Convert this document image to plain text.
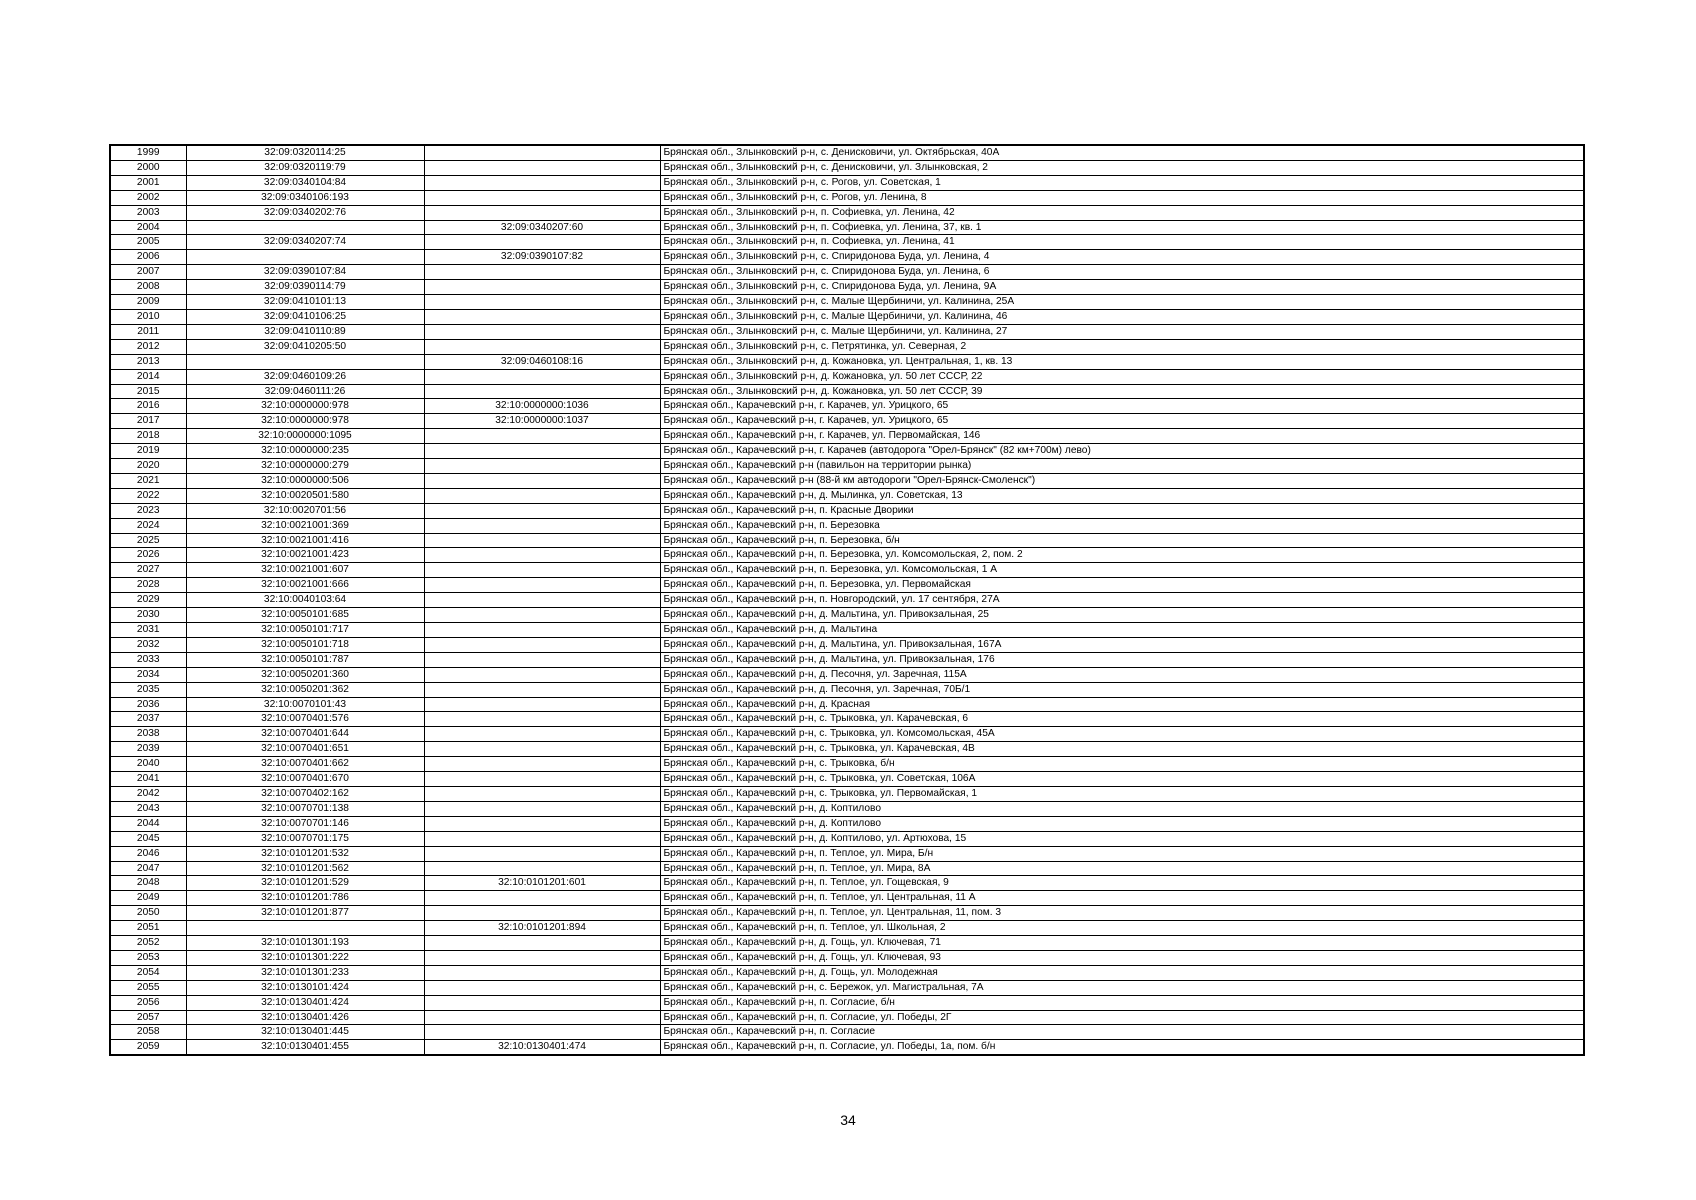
1999	32:09:0320114:25		Брянская обл., Злынковский р-н, с. Денисковичи, ул. Октябрьская, 40А
2000	32:09:0320119:79		Брянская обл., Злынковский р-н, с. Денисковичи, ул. Злынковская, 2
2001	32:09:0340104:84		Брянская обл., Злынковский р-н, с. Рогов, ул. Советская, 1
2002	32:09:0340106:193		Брянская обл., Злынковский р-н, с. Рогов, ул. Ленина, 8
2003	32:09:0340202:76		Брянская обл., Злынковский р-н, п. Софиевка, ул. Ленина, 42
2004		32:09:0340207:60	Брянская обл., Злынковский р-н, п. Софиевка, ул. Ленина, 37, кв. 1
2005	32:09:0340207:74		Брянская обл., Злынковский р-н, п. Софиевка, ул. Ленина, 41
2006		32:09:0390107:82	Брянская обл., Злынковский р-н, с. Спиридонова Буда, ул. Ленина, 4
2007	32:09:0390107:84		Брянская обл., Злынковский р-н, с. Спиридонова Буда, ул. Ленина, 6
2008	32:09:0390114:79		Брянская обл., Злынковский р-н, с. Спиридонова Буда, ул. Ленина, 9А
2009	32:09:0410101:13		Брянская обл., Злынковский р-н, с. Малые Щербиничи, ул. Калинина, 25А
2010	32:09:0410106:25		Брянская обл., Злынковский р-н, с. Малые Щербиничи, ул. Калинина, 46
2011	32:09:0410110:89		Брянская обл., Злынковский р-н, с. Малые Щербиничи, ул. Калинина, 27
2012	32:09:0410205:50		Брянская обл., Злынковский р-н, с. Петрятинка, ул. Северная, 2
2013		32:09:0460108:16	Брянская обл., Злынковский р-н, д. Кожановка, ул. Центральная, 1, кв. 13
2014	32:09:0460109:26		Брянская обл., Злынковский р-н, д. Кожановка, ул. 50 лет СССР, 22
2015	32:09:0460111:26		Брянская обл., Злынковский р-н, д. Кожановка, ул. 50 лет СССР, 39
2016	32:10:0000000:978	32:10:0000000:1036	Брянская обл., Карачевский р-н, г. Карачев, ул. Урицкого, 65
2017	32:10:0000000:978	32:10:0000000:1037	Брянская обл., Карачевский р-н, г. Карачев, ул. Урицкого, 65
2018	32:10:0000000:1095		Брянская обл., Карачевский р-н, г. Карачев, ул. Первомайская, 146
2019	32:10:0000000:235		Брянская обл., Карачевский р-н, г. Карачев (автодорога "Орел-Брянск" (82 км+700м) лево)
2020	32:10:0000000:279		Брянская обл., Карачевский р-н (павильон на территории рынка)
2021	32:10:0000000:506		Брянская обл., Карачевский р-н (88-й км автодороги "Орел-Брянск-Смоленск")
2022	32:10:0020501:580		Брянская обл., Карачевский р-н, д. Мылинка, ул. Советская, 13
2023	32:10:0020701:56		Брянская обл., Карачевский р-н, п. Красные Дворики
2024	32:10:0021001:369		Брянская обл., Карачевский р-н, п. Березовка
2025	32:10:0021001:416		Брянская обл., Карачевский р-н, п. Березовка, б/н
2026	32:10:0021001:423		Брянская обл., Карачевский р-н, п. Березовка, ул. Комсомольская, 2, пом. 2
2027	32:10:0021001:607		Брянская обл., Карачевский р-н, п. Березовка, ул. Комсомольская, 1 А
2028	32:10:0021001:666		Брянская обл., Карачевский р-н, п. Березовка, ул. Первомайская
2029	32:10:0040103:64		Брянская обл., Карачевский р-н, п. Новгородский, ул. 17 сентября, 27А
2030	32:10:0050101:685		Брянская обл., Карачевский р-н, д. Мальтина, ул. Привокзальная, 25
2031	32:10:0050101:717		Брянская обл., Карачевский р-н, д. Мальтина
2032	32:10:0050101:718		Брянская обл., Карачевский р-н, д. Мальтина, ул. Привокзальная, 167А
2033	32:10:0050101:787		Брянская обл., Карачевский р-н, д. Мальтина, ул. Привокзальная, 176
2034	32:10:0050201:360		Брянская обл., Карачевский р-н, д. Песочня, ул. Заречная, 115А
2035	32:10:0050201:362		Брянская обл., Карачевский р-н, д. Песочня, ул. Заречная, 70Б/1
2036	32:10:0070101:43		Брянская обл., Карачевский р-н, д. Красная
2037	32:10:0070401:576		Брянская обл., Карачевский р-н, с. Трыковка, ул. Карачевская, 6
2038	32:10:0070401:644		Брянская обл., Карачевский р-н, с. Трыковка, ул. Комсомольская, 45А
2039	32:10:0070401:651		Брянская обл., Карачевский р-н, с. Трыковка, ул. Карачевская, 4В
2040	32:10:0070401:662		Брянская обл., Карачевский р-н, с. Трыковка, б/н
2041	32:10:0070401:670		Брянская обл., Карачевский р-н, с. Трыковка, ул. Советская, 106А
2042	32:10:0070402:162		Брянская обл., Карачевский р-н, с. Трыковка, ул. Первомайская, 1
2043	32:10:0070701:138		Брянская обл., Карачевский р-н, д. Коптилово
2044	32:10:0070701:146		Брянская обл., Карачевский р-н, д. Коптилово
2045	32:10:0070701:175		Брянская обл., Карачевский р-н, д. Коптилово, ул. Артюхова, 15
2046	32:10:0101201:532		Брянская обл., Карачевский р-н, п. Теплое, ул. Мира, Б/н
2047	32:10:0101201:562		Брянская обл., Карачевский р-н, п. Теплое, ул. Мира, 8А
2048	32:10:0101201:529	32:10:0101201:601	Брянская обл., Карачевский р-н, п. Теплое, ул. Гощевская, 9
2049	32:10:0101201:786		Брянская обл., Карачевский р-н, п. Теплое, ул. Центральная, 11 А
2050	32:10:0101201:877		Брянская обл., Карачевский р-н, п. Теплое, ул. Центральная, 11, пом. 3
2051		32:10:0101201:894	Брянская обл., Карачевский р-н, п. Теплое, ул. Школьная, 2
2052	32:10:0101301:193		Брянская обл., Карачевский р-н, д. Гощь, ул. Ключевая, 71
2053	32:10:0101301:222		Брянская обл., Карачевский р-н, д. Гощь, ул. Ключевая, 93
2054	32:10:0101301:233		Брянская обл., Карачевский р-н, д. Гощь, ул. Молодежная
2055	32:10:0130101:424		Брянская обл., Карачевский р-н, с. Бережок, ул. Магистральная, 7А
2056	32:10:0130401:424		Брянская обл., Карачевский р-н, п. Согласие, б/н
2057	32:10:0130401:426		Брянская обл., Карачевский р-н, п. Согласие, ул. Победы, 2Г
2058	32:10:0130401:445		Брянская обл., Карачевский р-н, п. Согласие
2059	32:10:0130401:455	32:10:0130401:474	Брянская обл., Карачевский р-н, п. Согласие, ул. Победы, 1а, пом. б/н
34
